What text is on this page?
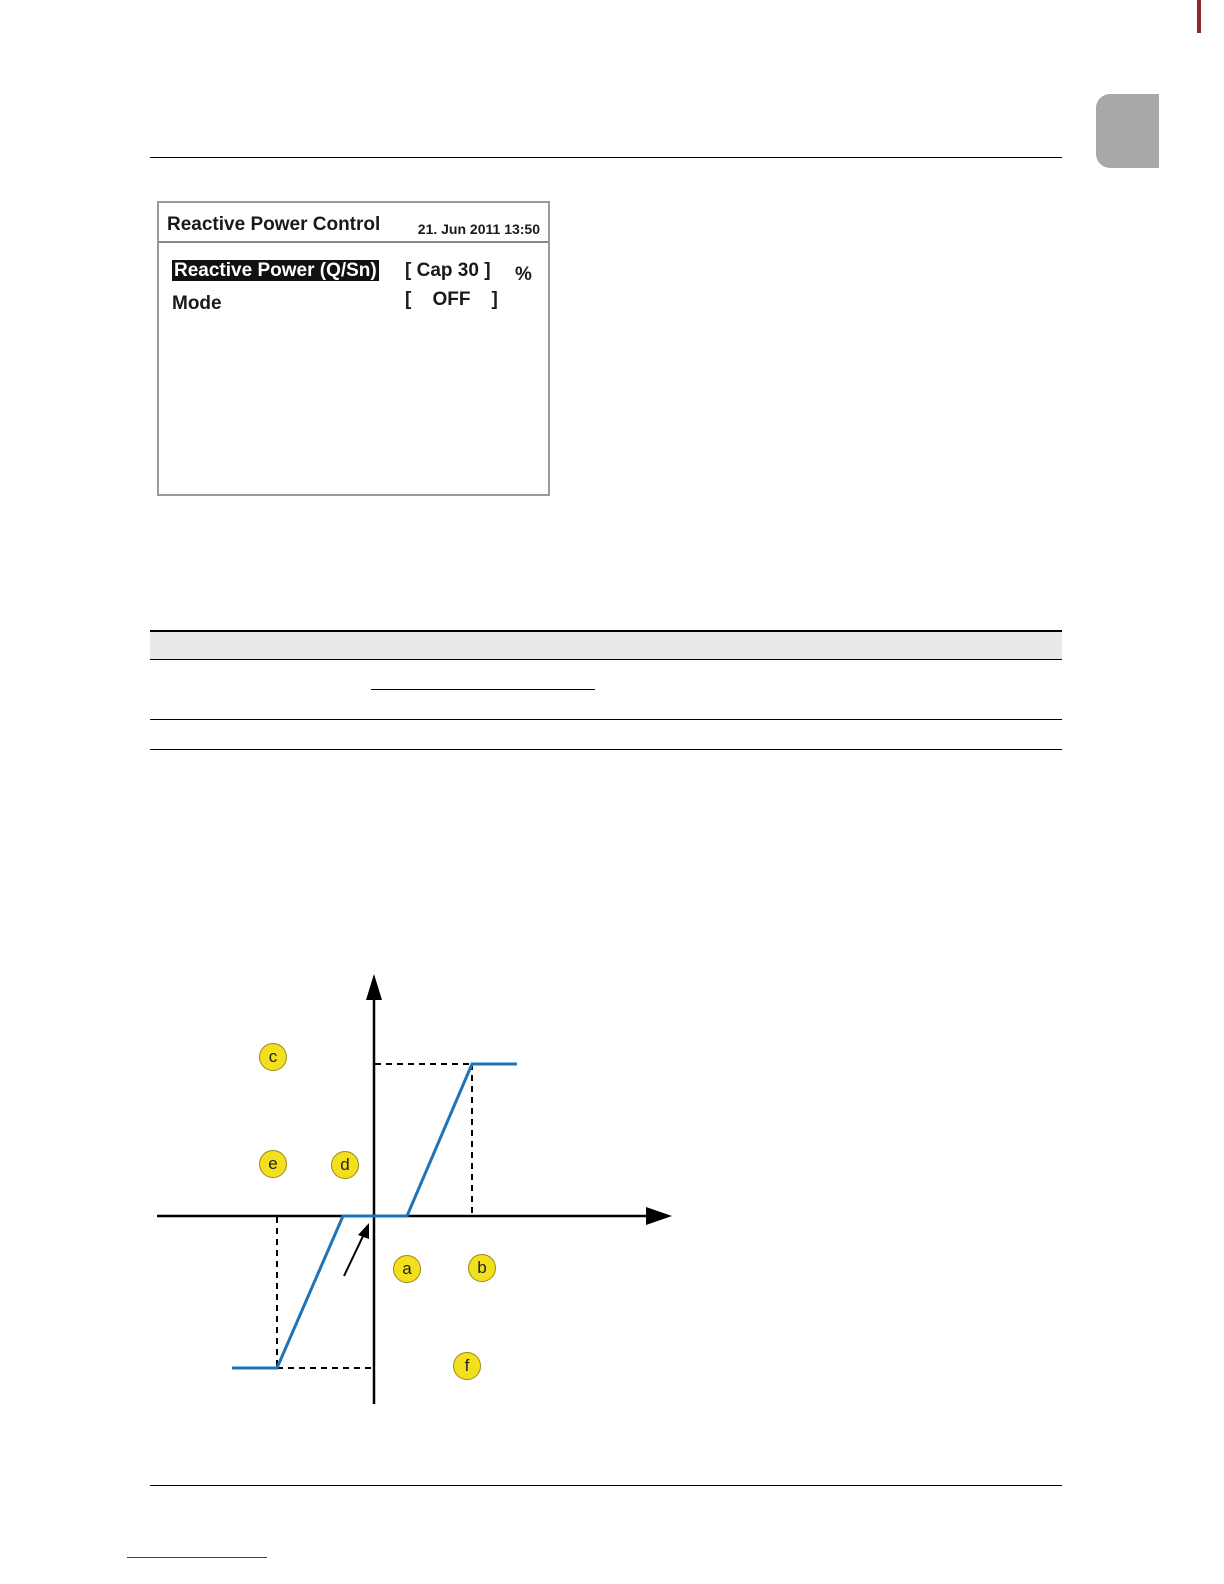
Reactive Power Control	21. Jun 2011 13:50
Reactive Power (Q/Sn) [ Cap 30 ] %
Mode	[    OFF    ]
c
e	d
a	b
f
